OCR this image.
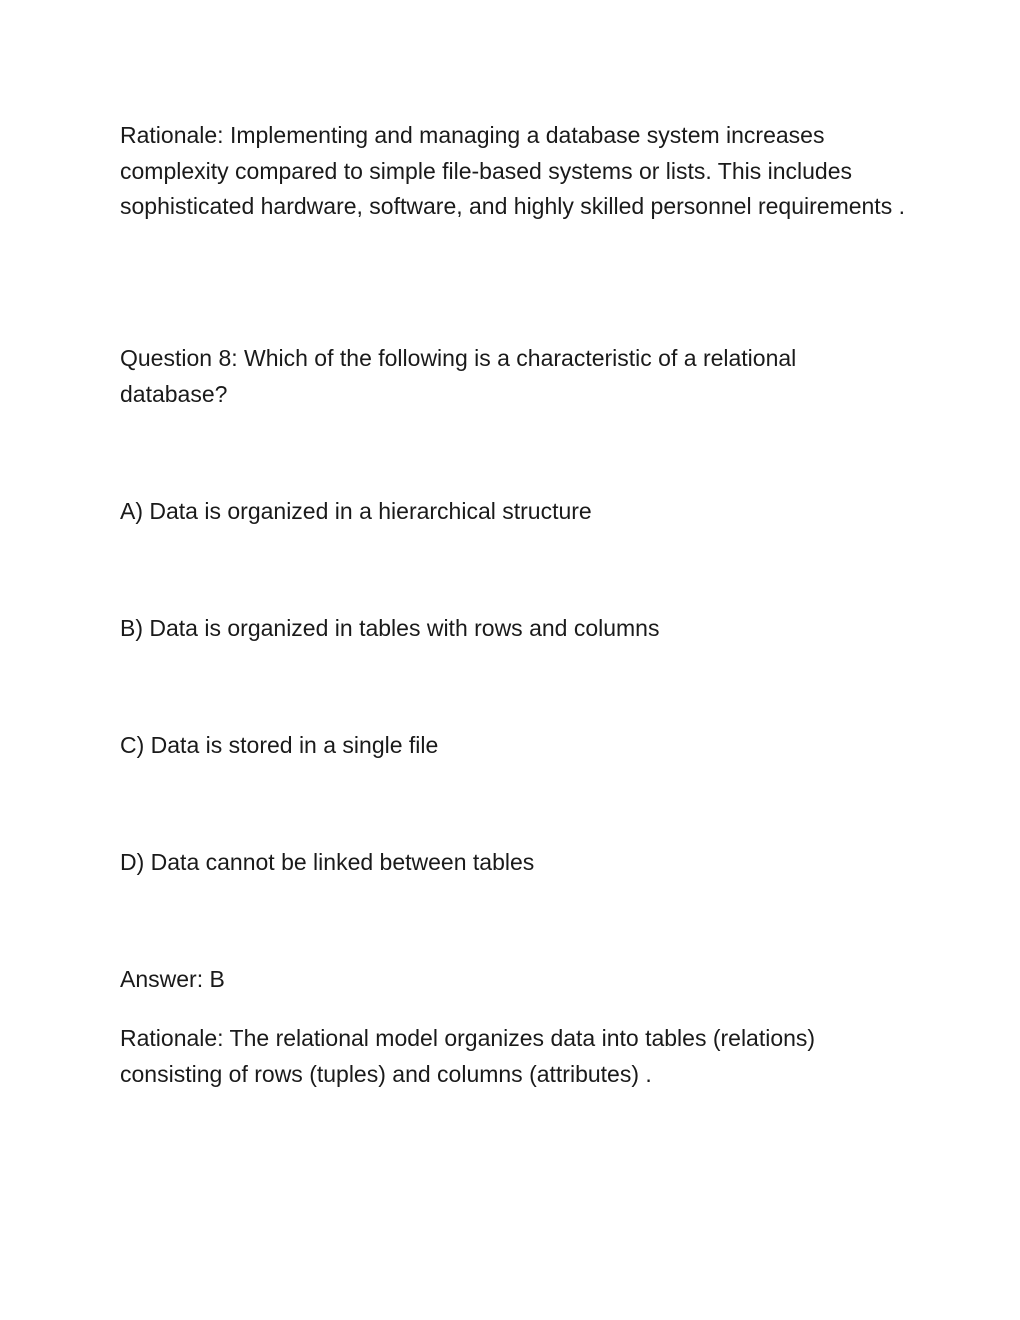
Rationale: Implementing and managing a database system increases complexity compared to simple file-based systems or lists. This includes sophisticated hardware, software, and highly skilled personnel requirements .

Question 8: Which of the following is a characteristic of a relational database?

A) Data is organized in a hierarchical structure

B) Data is organized in tables with rows and columns

C) Data is stored in a single file

D) Data cannot be linked between tables

Answer: B

Rationale: The relational model organizes data into tables (relations) consisting of rows (tuples) and columns (attributes) .
